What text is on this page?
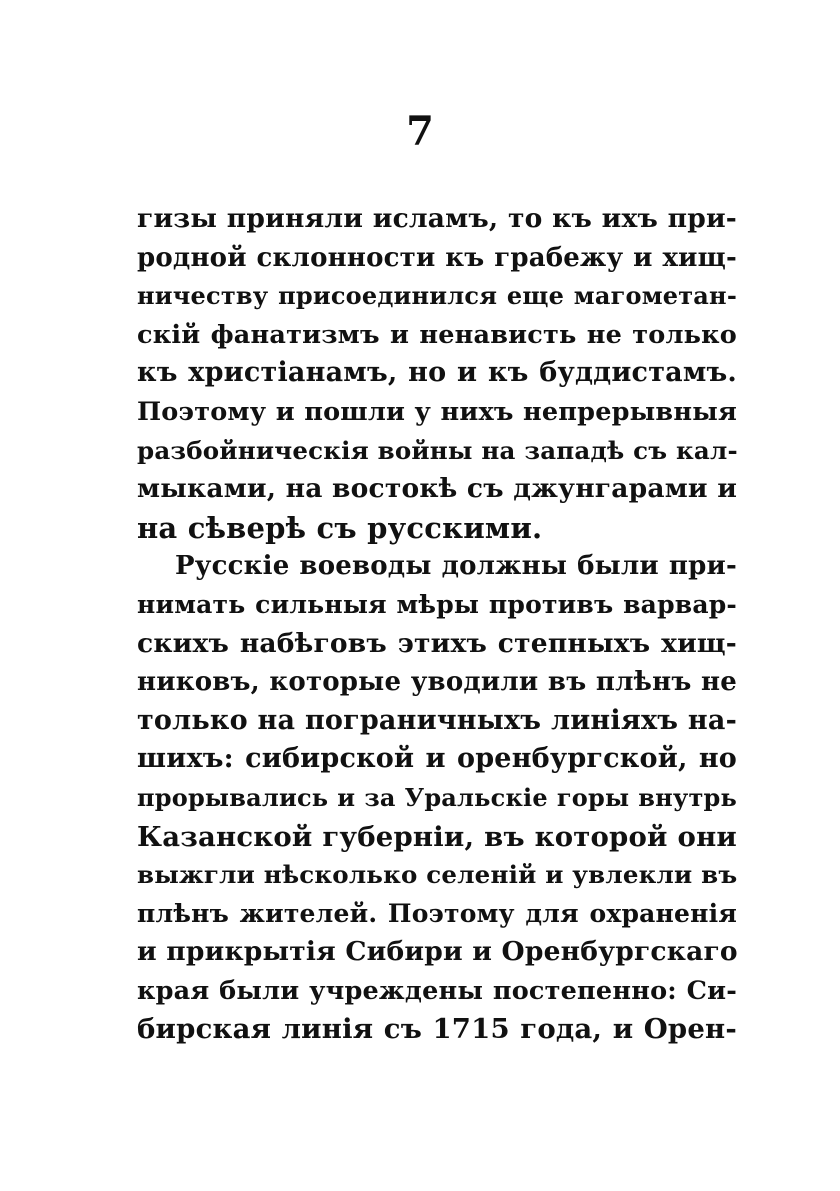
7
гизы приняли исламъ, то къ ихъ при-
родной склонности къ грабежу и хищ-
ничеству присоединился еще магометан-
скій фанатизмъ и ненависть не только
къ христіанамъ, но и къ буддистамъ.
Поэтому и пошли у нихъ непрерывныя
разбойническія войны на западѣ съ кал-
мыками, на востокѣ съ джунгарами и
на сѣверѣ съ русскими.
Русскіе воеводы должны были при-
нимать сильныя мѣры противъ варвар-
скихъ набѣговъ этихъ степныхъ хищ-
никовъ, которые уводили въ плѣнъ не
только на пограничныхъ линіяхъ на-
шихъ: сибирской и оренбургской, но
прорывались и за Уральскіе горы внутрь
Казанской губерніи, въ которой они
выжгли нѣсколько селеній и увлекли въ
плѣнъ жителей. Поэтому для охраненія
и прикрытія Сибири и Оренбургскаго
края были учреждены постепенно: Си-
бирская линія съ 1715 года, и Орен-
